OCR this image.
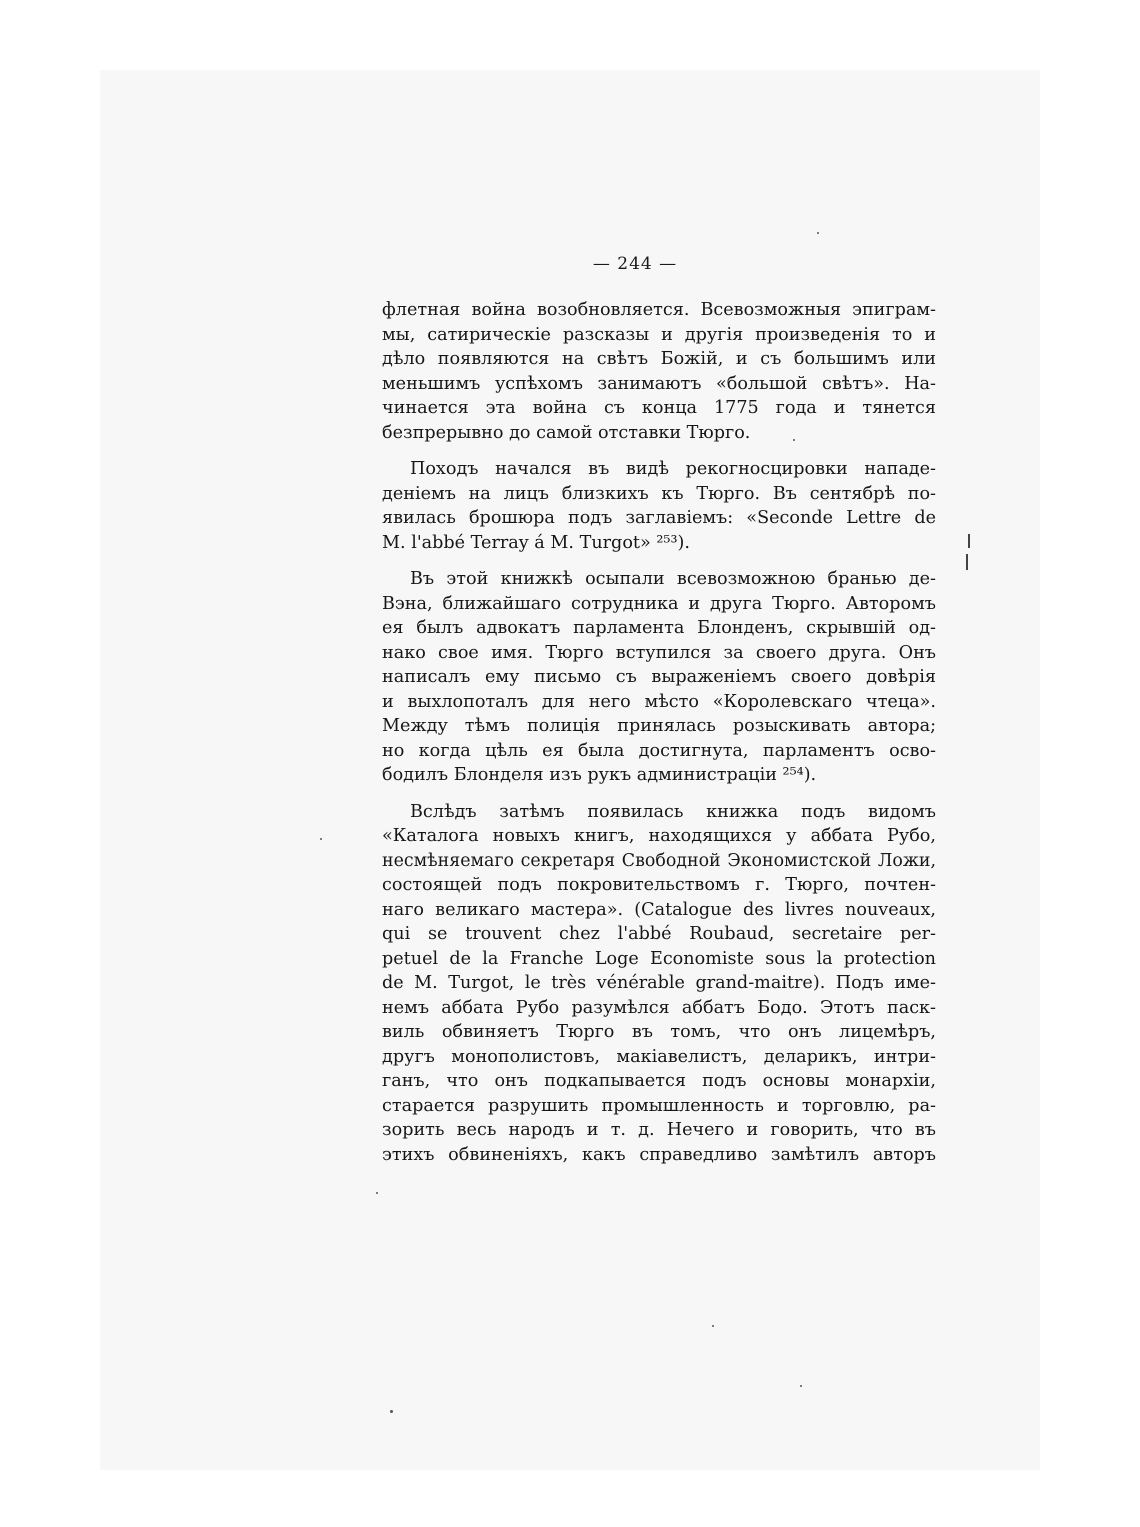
— 244 —
флетная война возобновляется. Всевозможныя эпиграм-
мы, сатирическіе разсказы и другія произведенія то и
дѣло появляются на свѣтъ Божій, и съ большимъ или
меньшимъ успѣхомъ занимаютъ «большой свѣтъ». На-
чинается эта война съ конца 1775 года и тянется
безпрерывно до самой отставки Тюрго.
Походъ начался въ видѣ рекогносцировки нападе-
деніемъ на лицъ близкихъ къ Тюрго. Въ сентябрѣ по-
явилась брошюра подъ заглавіемъ: «Seconde Lettre de
M. l'abbé Terray á M. Turgot» ²⁵³).
Въ этой книжкѣ осыпали всевозможною бранью де-
Вэна, ближайшаго сотрудника и друга Тюрго. Авторомъ
ея былъ адвокатъ парламента Блонденъ, скрывшій од-
нако свое имя. Тюрго вступился за своего друга. Онъ
написалъ ему письмо съ выраженіемъ своего довѣрія
и выхлопоталъ для него мѣсто «Королевскаго чтеца».
Между тѣмъ полиція принялась розыскивать автора;
но когда цѣль ея была достигнута, парламентъ осво-
бодилъ Блонделя изъ рукъ администраціи ²⁵⁴).
Вслѣдъ затѣмъ появилась книжка подъ видомъ
«Каталога новыхъ книгъ, находящихся у аббата Рубо,
несмѣняемаго секретаря Свободной Экономистской Ложи,
состоящей подъ покровительствомъ г. Тюрго, почтен-
наго великаго мастера». (Catalogue des livres nouveaux,
qui se trouvent chez l'abbé Roubaud, secretaire per-
petuel de la Franche Loge Economiste sous la protection
de M. Turgot, le très vénérable grand-maitre). Подъ име-
немъ аббата Рубо разумѣлся аббатъ Бодо. Этотъ паск-
виль обвиняетъ Тюрго въ томъ, что онъ лицемѣръ,
другъ монополистовъ, макіавелистъ, деларикъ, интри-
ганъ, что онъ подкапывается подъ основы монархіи,
старается разрушить промышленность и торговлю, ра-
зорить весь народъ и т. д. Нечего и говорить, что въ
этихъ обвиненіяхъ, какъ справедливо замѣтилъ авторъ
